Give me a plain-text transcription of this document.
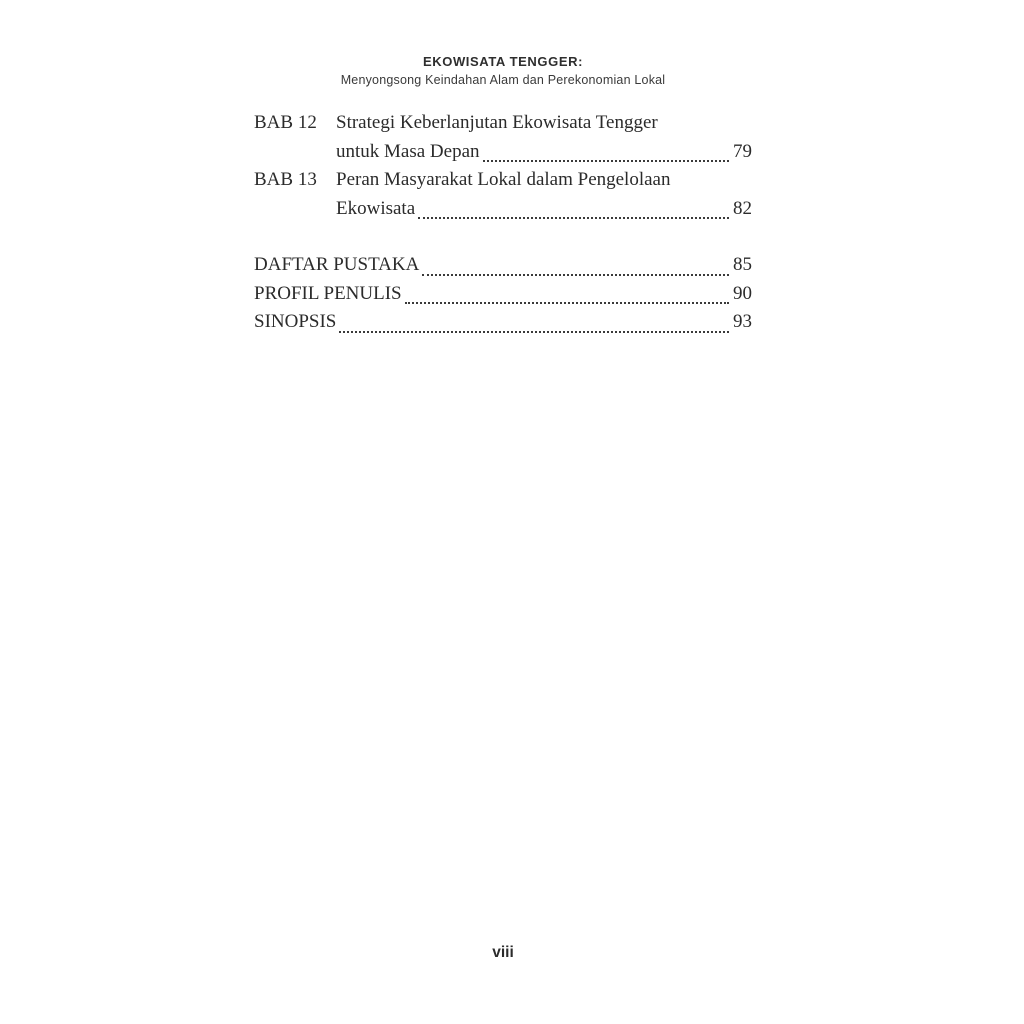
EKOWISATA TENGGER:
Menyongsong Keindahan Alam dan Perekonomian Lokal
BAB 12	Strategi Keberlanjutan Ekowisata Tengger
untuk Masa Depan	79
BAB 13	Peran Masyarakat Lokal dalam Pengelolaan
Ekowisata	82
DAFTAR PUSTAKA	85
PROFIL PENULIS	90
SINOPSIS	93
viii
